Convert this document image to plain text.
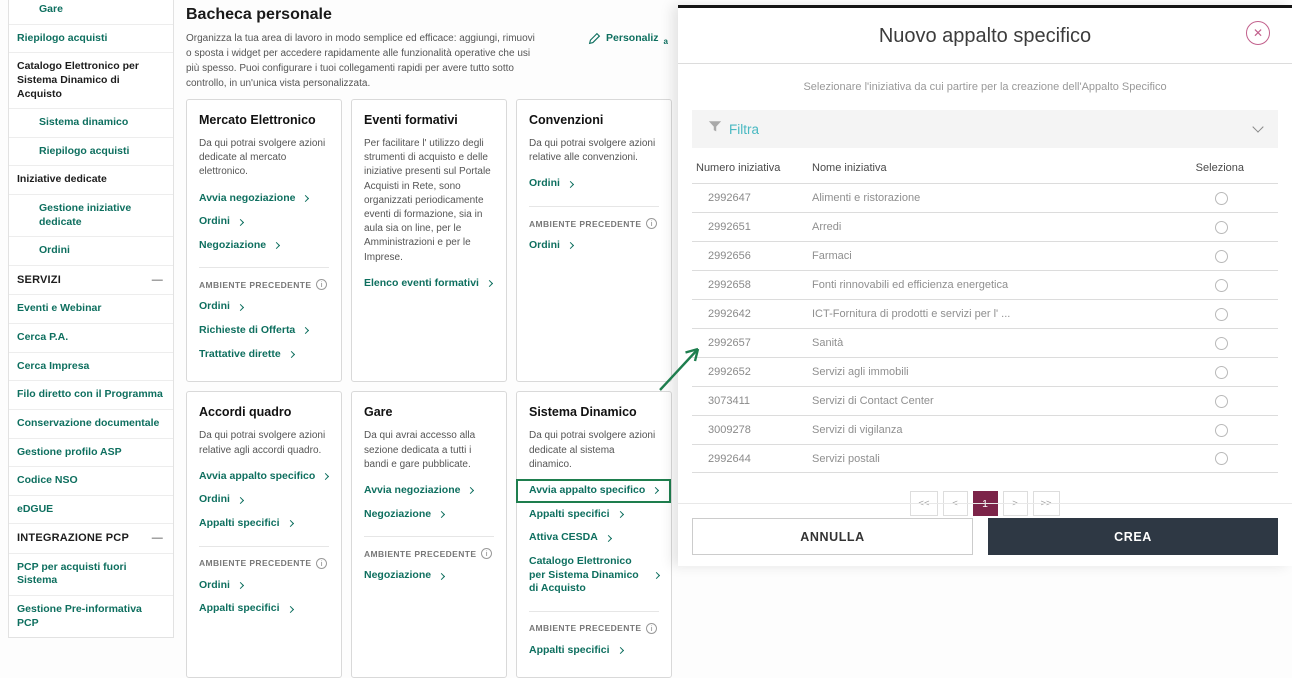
Gare
Riepilogo acquisti
Catalogo Elettronico per Sistema Dinamico di Acquisto
Sistema dinamico
Riepilogo acquisti
Iniziative dedicate
Gestione iniziative dedicate
Ordini
SERVIZI	—
Eventi e Webinar
Cerca P.A.
Cerca Impresa
Filo diretto con il Programma
Conservazione documentale
Gestione profilo ASP
Codice NSO
eDGUE
INTEGRAZIONE PCP —
PCP per acquisti fuori Sistema
Gestione Pre-informativa PCP
Bacheca personale
Organizza la tua area di lavoro in modo semplice ed efficace: aggiungi, rimuovi o sposta i widget per accedere rapidamente alle funzionalità operative che usi più spesso. Puoi configurare i tuoi collegamenti rapidi per avere tutto sotto controllo, in un'unica vista personalizzata.
Personaliz a
Mercato Elettronico

Da qui potrai svolgere azioni dedicate al mercato elettronico.

Avvia negoziazione
Ordini
Negoziazione
AMBIENTE PRECEDENTE	i
Ordini
Richieste di Offerta
Trattative dirette
Eventi formativi

Per facilitare l' utilizzo degli strumenti di acquisto e delle iniziative presenti sul Portale Acquisti in Rete, sono organizzati periodicamente eventi di formazione, sia in aula sia on line, per le Amministrazioni e per le Imprese.

Elenco eventi formativi
Convenzioni

Da qui potrai svolgere azioni relative alle convenzioni.

Ordini
AMBIENTE PRECEDENTE	i
Ordini
Accordi quadro

Da qui potrai svolgere azioni relative agli accordi quadro.

Avvia appalto specifico
Ordini
Appalti specifici
AMBIENTE PRECEDENTE	i
Ordini
Appalti specifici
Gare

Da qui avrai accesso alla sezione dedicata a tutti i bandi e gare pubblicate.

Avvia negoziazione
Negoziazione
AMBIENTE PRECEDENTE	i
Negoziazione
Sistema Dinamico

Da qui potrai svolgere azioni dedicate al sistema dinamico.

Avvia appalto specifico
Appalti specifici
Attiva CESDA
Catalogo Elettronico per Sistema Dinamico di Acquisto
AMBIENTE PRECEDENTE	i
Appalti specifici
Nuovo appalto specifico	✕
Selezionare l'iniziativa da cui partire per la creazione dell'Appalto Specifico
Filtra
Numero iniziativa	Nome iniziativa	Seleziona
2992647	Alimenti e ristorazione
2992651	Arredi
2992656	Farmaci
2992658	Fonti rinnovabili ed efficienza energetica
2992642	ICT-Fornitura di prodotti e servizi per l' ...
2992657	Sanità
2992652	Servizi agli immobili
3073411	Servizi di Contact Center
3009278	Servizi di vigilanza
2992644	Servizi postali
<<	<	1	>	>>
ANNULLA	CREA
